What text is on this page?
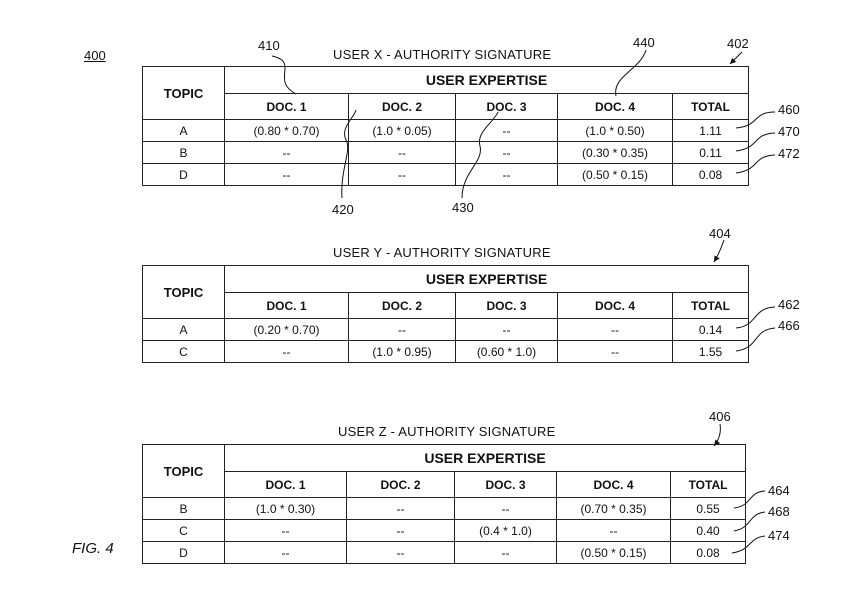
400
FIG. 4
USER X - AUTHORITY SIGNATURE
402
410	440
420	430
460
470
472
TOPIC	USER EXPERTISE				
	DOC. 1	DOC. 2	DOC. 3	DOC. 4	TOTAL
A	(0.80 * 0.70)	(1.0 * 0.05)	--	(1.0 * 0.50)	1.11
B	--	--	--	(0.30 * 0.35)	0.11
D	--	--	--	(0.50 * 0.15)	0.08
USER Y - AUTHORITY SIGNATURE
404
462
466
TOPIC	USER EXPERTISE				
	DOC. 1	DOC. 2	DOC. 3	DOC. 4	TOTAL
A	(0.20 * 0.70)	--	--	--	0.14
C	--	(1.0 * 0.95)	(0.60 * 1.0)	--	1.55
USER Z - AUTHORITY SIGNATURE
406
464
468
474
TOPIC	USER EXPERTISE				
	DOC. 1	DOC. 2	DOC. 3	DOC. 4	TOTAL
B	(1.0 * 0.30)	--	--	(0.70 * 0.35)	0.55
C	--	--	(0.4 * 1.0)	--	0.40
D	--	--	--	(0.50 * 0.15)	0.08
